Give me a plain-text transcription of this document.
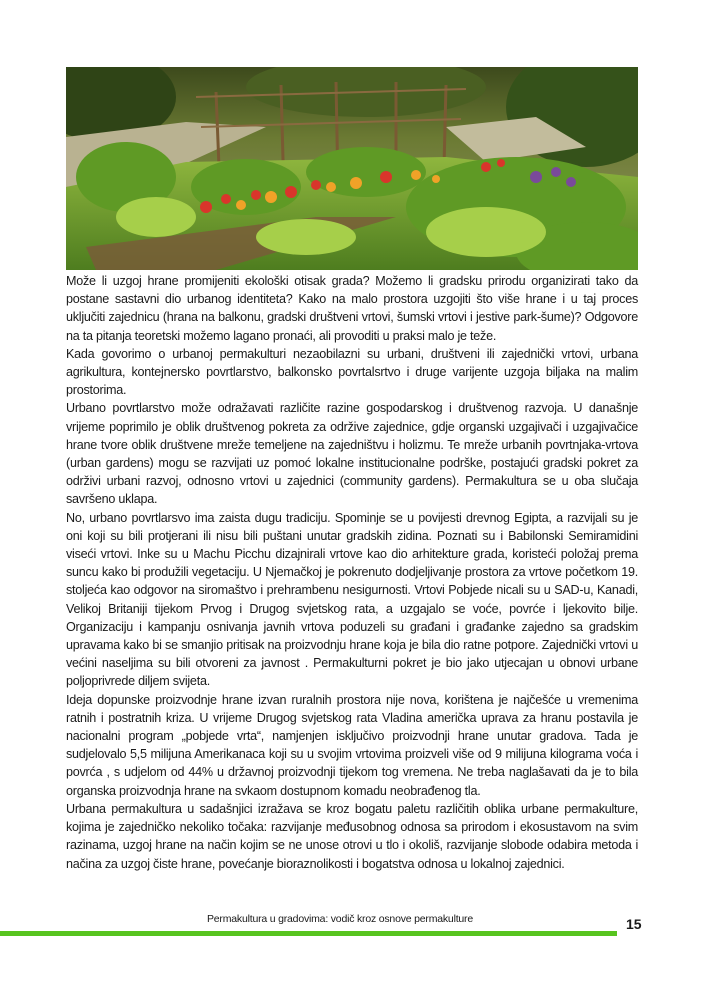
Može li uzgoj hrane promijeniti ekološki otisak grada? Možemo li gradsku prirodu organizirati tako da postane sastavni dio urbanog identiteta? Kako na malo prostora uzgojiti što više hrane i u taj proces uključiti zajednicu (hrana na balkonu, gradski društveni vrtovi, šumski vrtovi i jestive park-šume)? Odgovore na ta pitanja teoretski možemo lagano pronaći, ali provoditi u praksi malo je teže.

Kada govorimo o urbanoj permakulturi nezaobilazni su urbani, društveni ili zajednički vrtovi, urbana agrikultura, kontejnersko povrtlarstvo, balkonsko povrtalsrtvo i druge varijente uzgoja biljaka na malim prostorima.

Urbano povrtlarstvo može odražavati različite razine gospodarskog i društvenog razvoja. U današnje vrijeme poprimilo je oblik društvenog pokreta za održive zajednice, gdje organski uzgajivači i uzgajivačice hrane tvore oblik društvene mreže temeljene na zajedništvu i holizmu. Te mreže urbanih povrtnjaka-vrtova (urban gardens) mogu se razvijati uz pomoć lokalne institucionalne podrške, postajući gradski pokret za održivi urbani razvoj, odnosno vrtovi u zajednici (community gardens). Permakultura se u oba slučaja savršeno uklapa.

No, urbano povrtlarsvo ima zaista dugu tradiciju. Spominje se u povijesti drevnog Egipta, a razvijali su je oni koji su bili protjerani ili nisu bili puštani unutar gradskih zidina. Poznati su i Babilonski Semiramidini viseći vrtovi. Inke su u Machu Picchu dizajnirali vrtove kao dio arhitekture grada, koristeći položaj prema suncu kako bi produžili vegetaciju. U Njemačkoj je pokrenuto dodjeljivanje prostora za vrtove početkom 19. stoljeća kao odgovor na siromaštvo i prehrambenu nesigurnosti. Vrtovi Pobjede nicali su u SAD-u, Kanadi, Velikoj Britaniji tijekom Prvog i Drugog svjetskog rata, a uzgajalo se voće, povrće i ljekovito bilje. Organizaciju i kampanju osnivanja javnih vrtova poduzeli su građani i građanke zajedno sa gradskim upravama kako bi se smanjio pritisak na proizvodnju hrane koja je bila dio ratne potpore. Zajednički vrtovi u većini naseljima su bili otvoreni za javnost . Permakulturni pokret je bio jako utjecajan u obnovi urbane poljoprivrede diljem svijeta.

Ideja dopunske proizvodnje hrane izvan ruralnih prostora nije nova, korištena je najčešće u vremenima ratnih i postratnih kriza. U vrijeme Drugog svjetskog rata Vladina američka uprava za hranu postavila je nacionalni program „pobjede vrta“, namjenjen isključivo proizvodnji hrane unutar gradova. Tada je sudjelovalo 5,5 milijuna Amerikanaca koji su u svojim vrtovima proizveli više od 9 milijuna kilograma voća i povrća , s udjelom od 44% u državnoj proizvodnji tijekom tog vremena. Ne treba naglašavati da je to bila organska proizvodnja hrane na svkaom dostupnom komadu neobrađenog tla.

Urbana permakultura u sadašnjici izražava se kroz bogatu paletu različitih oblika urbane permakulture, kojima je zajedničko nekoliko točaka: razvijanje međusobnog odnosa sa prirodom i ekosustavom na svim razinama, uzgoj hrane na način kojim se ne unose otrovi u tlo i okoliš, razvijanje slobode odabira metoda i načina za uzgoj čiste hrane, povećanje bioraznolikosti i bogatstva odnosa u lokalnoj zajednici.

Permakultura u gradovima: vodič kroz osnove permakulture	15
